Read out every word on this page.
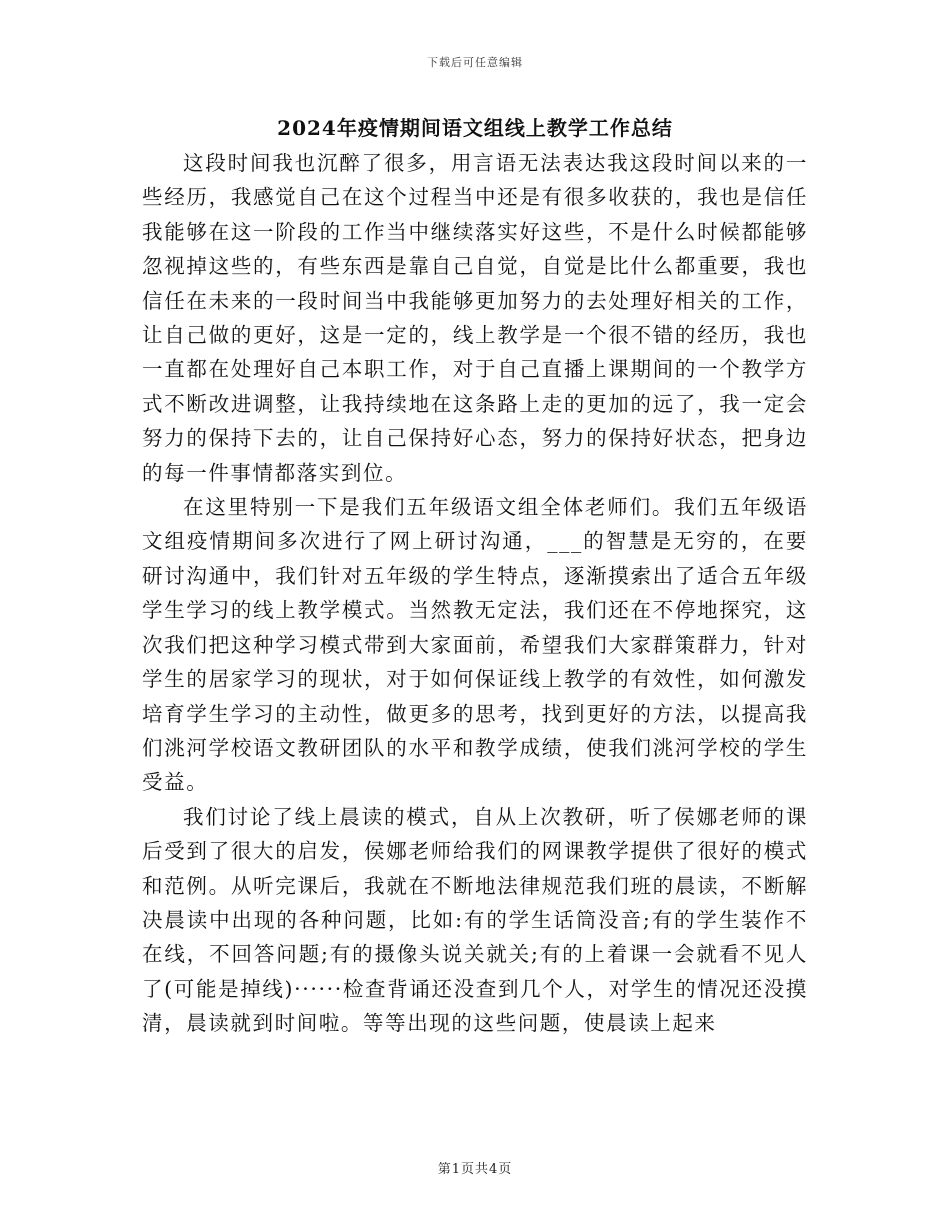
下载后可任意编辑
2024年疫情期间语文组线上教学工作总结

这段时间我也沉醉了很多，用言语无法表达我这段时间以来的一些经历，我感觉自己在这个过程当中还是有很多收获的，我也是信任我能够在这一阶段的工作当中继续落实好这些，不是什么时候都能够忽视掉这些的，有些东西是靠自己自觉，自觉是比什么都重要，我也信任在未来的一段时间当中我能够更加努力的去处理好相关的工作，让自己做的更好，这是一定的，线上教学是一个很不错的经历，我也一直都在处理好自己本职工作，对于自己直播上课期间的一个教学方式不断改进调整，让我持续地在这条路上走的更加的远了，我一定会努力的保持下去的，让自己保持好心态，努力的保持好状态，把身边的每一件事情都落实到位。

在这里特别一下是我们五年级语文组全体老师们。我们五年级语文组疫情期间多次进行了网上研讨沟通，___的智慧是无穷的，在要研讨沟通中，我们针对五年级的学生特点，逐渐摸索出了适合五年级学生学习的线上教学模式。当然教无定法，我们还在不停地探究，这次我们把这种学习模式带到大家面前，希望我们大家群策群力，针对学生的居家学习的现状，对于如何保证线上教学的有效性，如何激发培育学生学习的主动性，做更多的思考，找到更好的方法，以提高我们洮河学校语文教研团队的水平和教学成绩，使我们洮河学校的学生受益。

我们讨论了线上晨读的模式，自从上次教研，听了侯娜老师的课后受到了很大的启发，侯娜老师给我们的网课教学提供了很好的模式和范例。从听完课后，我就在不断地法律规范我们班的晨读，不断解决晨读中出现的各种问题，比如:有的学生话筒没音;有的学生装作不在线，不回答问题;有的摄像头说关就关;有的上着课一会就看不见人了(可能是掉线)······检查背诵还没查到几个人，对学生的情况还没摸清，晨读就到时间啦。等等出现的这些问题，使晨读上起来

第1页共4页
